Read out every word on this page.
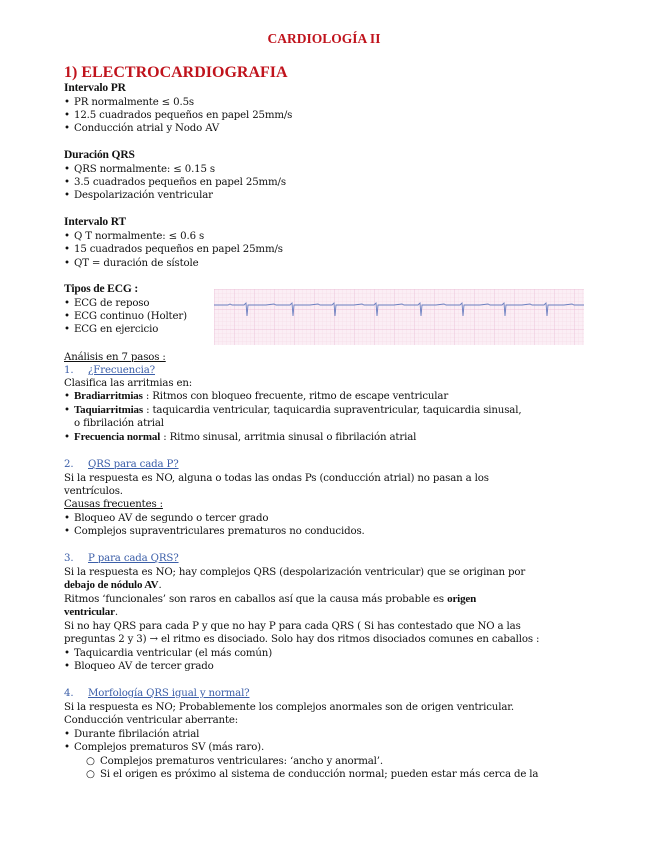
CARDIOLOGÍA II
1) ELECTROCARDIOGRAFIA
Intervalo PR
• PR normalmente ≤ 0.5s
• 12.5 cuadrados pequeños en papel 25mm/s
• Conducción atrial y Nodo AV
Duración QRS
• QRS normalmente: ≤ 0.15 s
• 3.5 cuadrados pequeños en papel 25mm/s
• Despolarización ventricular
Intervalo RT
• Q T normalmente: ≤ 0.6 s
• 15 cuadrados pequeños en papel 25mm/s
• QT = duración de sístole
Tipos de ECG :
• ECG de reposo
• ECG continuo (Holter)
• ECG en ejercicio
Análisis en 7 pasos :
1. ¿Frecuencia?
Clasifica las arritmias en:
• Bradiarritmias : Ritmos con bloqueo frecuente, ritmo de escape ventricular
• Taquiarritmias : taquicardia ventricular, taquicardia supraventricular, taquicardia sinusal,
o fibrilación atrial
• Frecuencia normal : Ritmo sinusal, arritmia sinusal o fibrilación atrial
2. QRS para cada P?
Si la respuesta es NO, alguna o todas las ondas Ps (conducción atrial) no pasan a los
ventrículos.
Causas frecuentes :
• Bloqueo AV de segundo o tercer grado
• Complejos supraventriculares prematuros no conducidos.
3. P para cada QRS?
Si la respuesta es NO; hay complejos QRS (despolarización ventricular) que se originan por
debajo de nódulo AV.
Ritmos ‘funcionales’ son raros en caballos así que la causa más probable es origen
ventricular.
Si no hay QRS para cada P y que no hay P para cada QRS ( Si has contestado que NO a las
preguntas 2 y 3) → el ritmo es disociado. Solo hay dos ritmos disociados comunes en caballos :
• Taquicardia ventricular (el más común)
• Bloqueo AV de tercer grado
4. Morfología QRS igual y normal?
Si la respuesta es NO; Probablemente los complejos anormales son de origen ventricular.
Conducción ventricular aberrante:
• Durante fibrilación atrial
• Complejos prematuros SV (más raro).
○ Complejos prematuros ventriculares: ‘ancho y anormal’.
○ Si el origen es próximo al sistema de conducción normal; pueden estar más cerca de la
